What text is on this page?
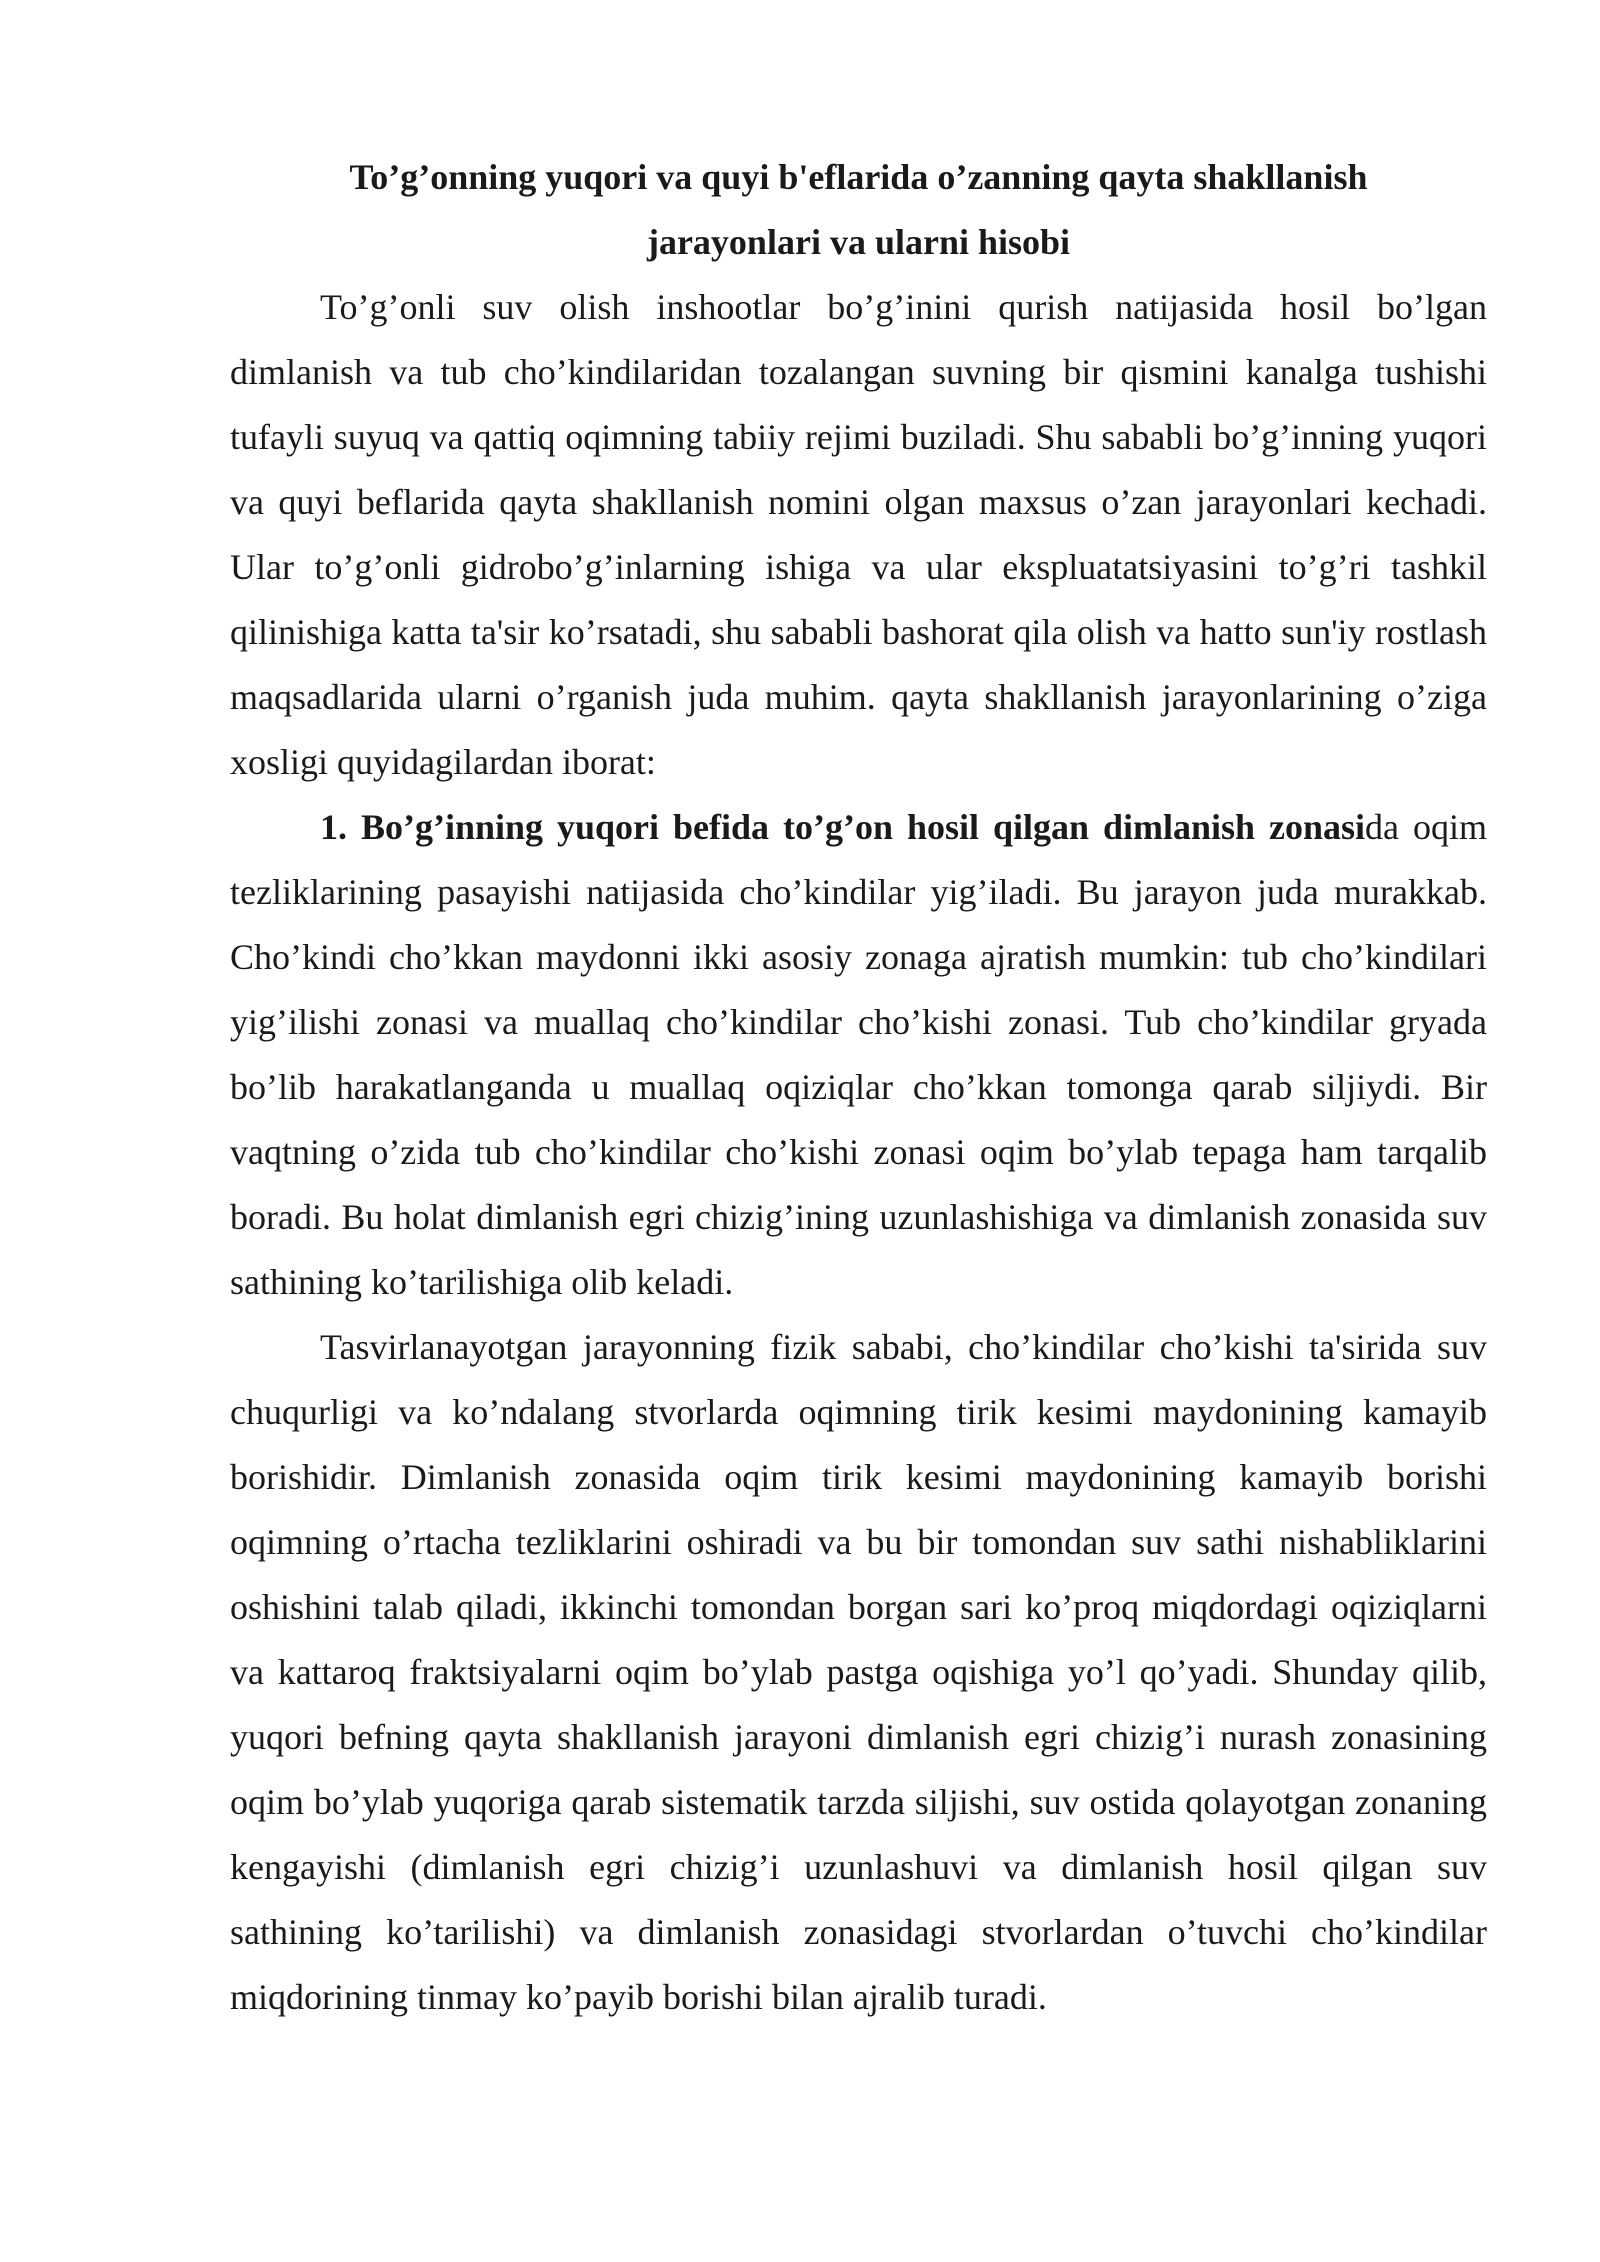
To’g’onning yuqori va quyi b'eflarida o’zanning qayta shakllanish
jarayonlari va ularni hisobi

To’g’onli suv olish inshootlar bo’g’inini qurish natijasida hosil bo’lgan dimlanish va tub cho’kindilaridan tozalangan suvning bir qismini kanalga tushishi tufayli suyuq va qattiq oqimning tabiiy rejimi buziladi. Shu sababli bo’g’inning yuqori va quyi beflarida qayta shakllanish nomini olgan maxsus o’zan jarayonlari kechadi. Ular to’g’onli gidrobo’g’inlarning ishiga va ular ekspluatatsiyasini to’g’ri tashkil qilinishiga katta ta'sir ko’rsatadi, shu sababli bashorat qila olish va hatto sun'iy rostlash maqsadlarida ularni o’rganish juda muhim. qayta shakllanish jarayonlarining o’ziga xosligi quyidagilardan iborat:

1. Bo’g’inning yuqori befida to’g’on hosil qilgan dimlanish zonasida oqim tezliklarining pasayishi natijasida cho’kindilar yig’iladi. Bu jarayon juda murakkab. Cho’kindi cho’kkan maydonni ikki asosiy zonaga ajratish mumkin: tub cho’kindilari yig’ilishi zonasi va muallaq cho’kindilar cho’kishi zonasi. Tub cho’kindilar gryada bo’lib harakatlanganda u muallaq oqiziqlar cho’kkan tomonga qarab siljiydi. Bir vaqtning o’zida tub cho’kindilar cho’kishi zonasi oqim bo’ylab tepaga ham tarqalib boradi. Bu holat dimlanish egri chizig’ining uzunlashishiga va dimlanish zonasida suv sathining ko’tarilishiga olib keladi.

Tasvirlanayotgan jarayonning fizik sababi, cho’kindilar cho’kishi ta'sirida suv chuqurligi va ko’ndalang stvorlarda oqimning tirik kesimi maydonining kamayib borishidir. Dimlanish zonasida oqim tirik kesimi maydonining kamayib borishi oqimning o’rtacha tezliklarini oshiradi va bu bir tomondan suv sathi nishabliklarini oshishini talab qiladi, ikkinchi tomondan borgan sari ko’proq miqdordagi oqiziqlarni va kattaroq fraktsiyalarni oqim bo’ylab pastga oqishiga yo’l qo’yadi. Shunday qilib, yuqori befning qayta shakllanish jarayoni dimlanish egri chizig’i nurash zonasining oqim bo’ylab yuqoriga qarab sistematik tarzda siljishi, suv ostida qolayotgan zonaning kengayishi (dimlanish egri chizig’i uzunlashuvi va dimlanish hosil qilgan suv sathining ko’tarilishi) va dimlanish zonasidagi stvorlardan o’tuvchi cho’kindilar miqdorining tinmay ko’payib borishi bilan ajralib turadi.
